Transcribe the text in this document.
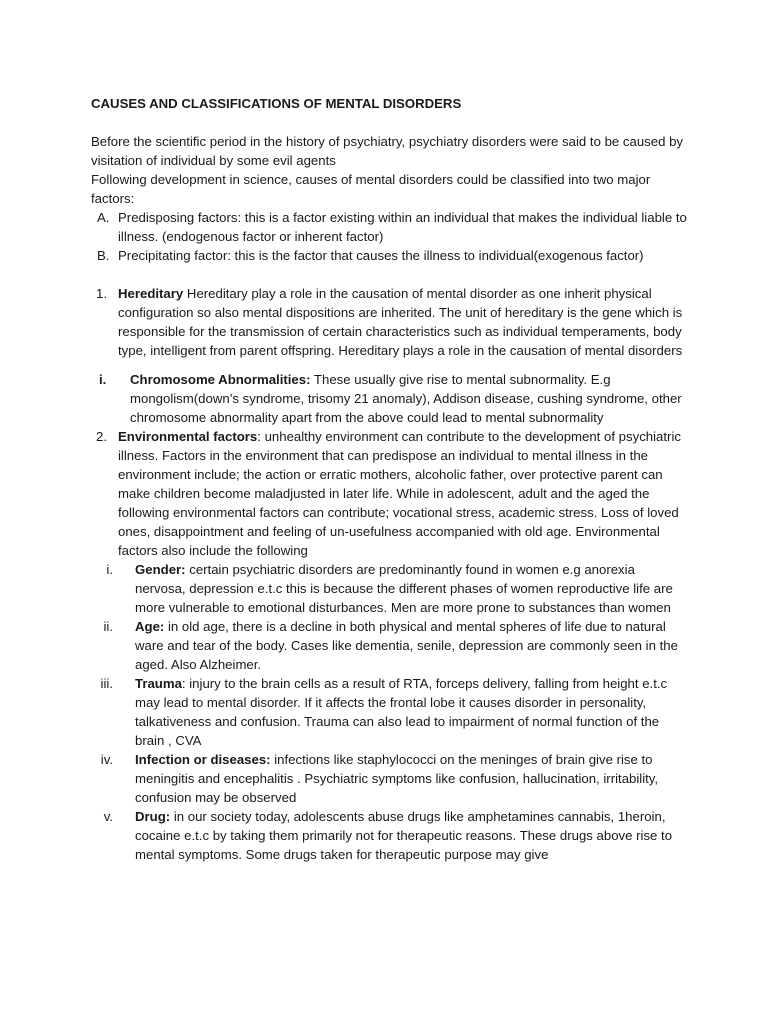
CAUSES AND CLASSIFICATIONS OF MENTAL DISORDERS

Before the scientific period in the history of psychiatry, psychiatry disorders were said to be caused by visitation of individual by some evil agents

Following development in science, causes of mental disorders could be classified into two major factors:

A. Predisposing factors: this is a factor existing within an individual that makes the individual liable to illness. (endogenous factor or inherent factor)
B. Precipitating factor: this is the factor that causes the illness to individual(exogenous factor)
1. Hereditary Hereditary play a role in the causation of mental disorder as one inherit physical configuration so also mental dispositions are inherited. The unit of hereditary is the gene which is responsible for the transmission of certain characteristics such as individual temperaments, body type, intelligent from parent offspring. Hereditary plays a role in the causation of mental disorders
i. Chromosome Abnormalities: These usually give rise to mental subnormality. E.g mongolism(down’s syndrome, trisomy 21 anomaly), Addison disease, cushing syndrome, other chromosome abnormality apart from the above could lead to mental subnormality
2. Environmental factors: unhealthy environment can contribute to the development of psychiatric illness. Factors in the environment that can predispose an individual to mental illness in the environment include; the action or erratic mothers, alcoholic father, over protective parent can make children become maladjusted in later life. While in adolescent, adult and the aged the following environmental factors can contribute; vocational stress, academic stress. Loss of loved ones, disappointment and feeling of un-usefulness accompanied with old age. Environmental factors also include the following
i. Gender: certain psychiatric disorders are predominantly found in women e.g anorexia nervosa, depression e.t.c this is because the different phases of women reproductive life are more vulnerable to emotional disturbances. Men are more prone to substances than women
ii. Age: in old age, there is a decline in both physical and mental spheres of life due to natural ware and tear of the body. Cases like dementia, senile, depression are commonly seen in the aged. Also Alzheimer.
iii. Trauma: injury to the brain cells as a result of RTA, forceps delivery, falling from height e.t.c may lead to mental disorder. If it affects the frontal lobe it causes disorder in personality, talkativeness and confusion. Trauma can also lead to impairment of normal function of the brain , CVA
iv. Infection or diseases: infections like staphylococci on the meninges of brain give rise to meningitis and encephalitis . Psychiatric symptoms like confusion, hallucination, irritability, confusion may be observed
v. Drug: in our society today, adolescents abuse drugs like amphetamines cannabis, 1heroin, cocaine e.t.c by taking them primarily not for therapeutic reasons. These drugs above rise to mental symptoms. Some drugs taken for therapeutic purpose may give
